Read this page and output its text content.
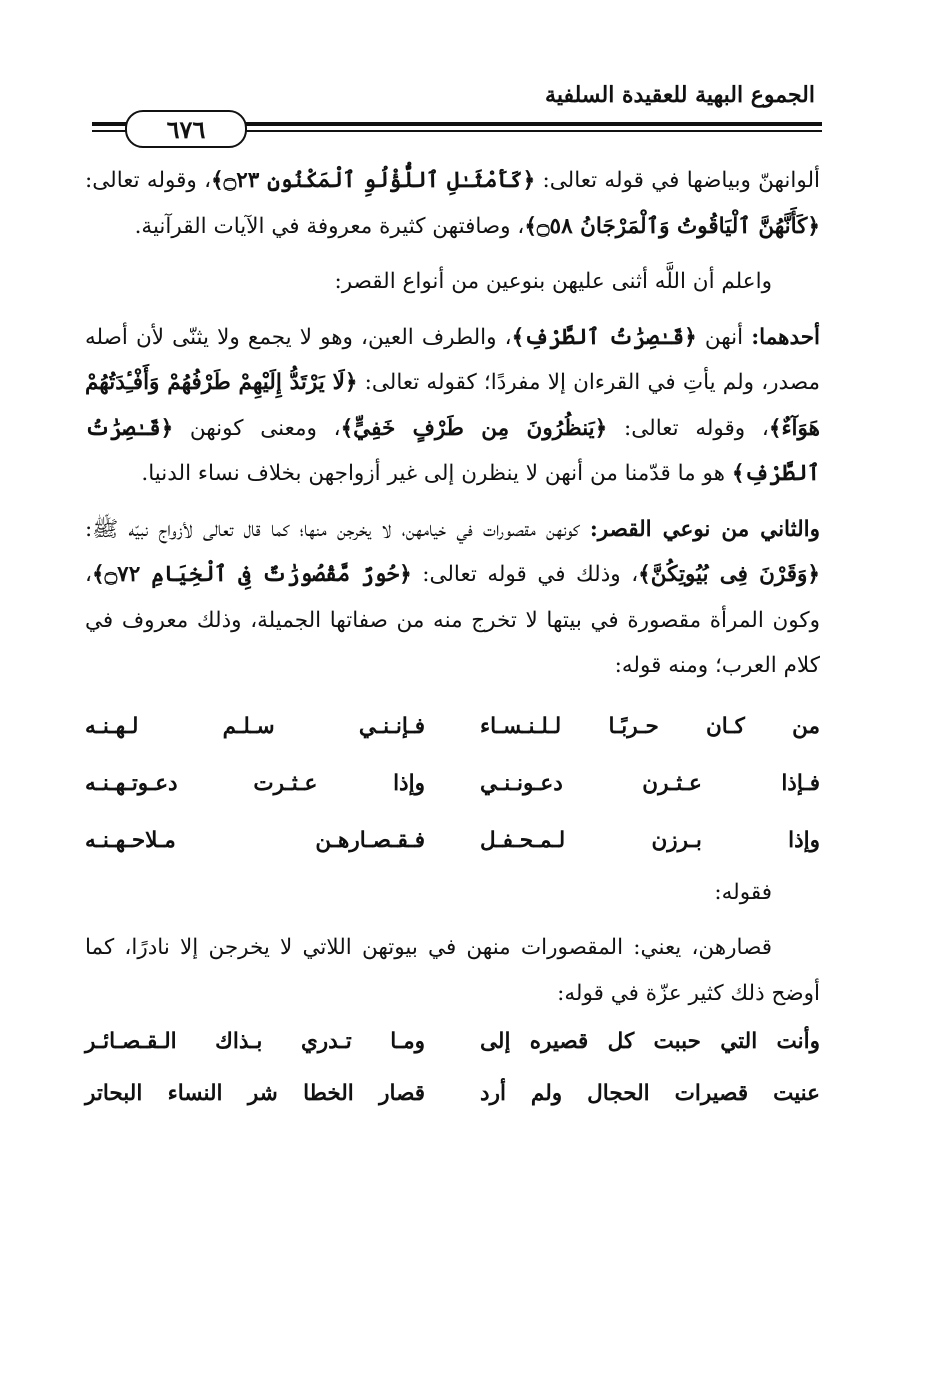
الجموع البهية للعقيدة السلفية
٦٧٦

ألوانهنّ وبياضها في قوله تعالى: ﴿كَأَمْثَـٰلِ ٱللُّؤْلُوِ ٱلْمَكْنُونِ ۝٢٣﴾، وقوله تعالى: ﴿كَأَنَّهُنَّ ٱلْيَاقُوتُ وَٱلْمَرْجَانُ ۝٥٨﴾، وصافتهن كثيرة معروفة في الآيات القرآنية.

واعلم أن اللَّه أثنى عليهن بنوعين من أنواع القصر:

أحدهما: أنهن ﴿قَـٰصِرَٰتُ ٱلطَّرْفِ﴾، والطرف العين، وهو لا يجمع ولا يثنّى لأن أصله مصدر، ولم يأتِ في القرءان إلا مفردًا؛ كقوله تعالى: ﴿لَا يَرْتَدُّ إِلَيْهِمْ طَرْفُهُمْ وَأَفْـِٔدَتُهُمْ هَوَآءٌ﴾، وقوله تعالى: ﴿يَنظُرُونَ مِن طَرْفٍ خَفِيٍّ﴾، ومعنى كونهن ﴿قَـٰصِرَٰتُ ٱلطَّرْفِ﴾ هو ما قدّمنا من أنهن لا ينظرن إلى غير أزواجهن بخلاف نساء الدنيا.

والثاني من نوعي القصر: كونهن مقصورات في خيامهن، لا يخرجن منها؛ كما قال تعالى لأزواج نبيّه ﷺ: ﴿وَقَرْنَ فِى بُيُوتِكُنَّ﴾، وذلك في قوله تعالى: ﴿حُورٌ مَّقْصُورَٰتٌ فِى ٱلْخِيَامِ ۝٧٢﴾، وكون المرأة مقصورة في بيتها لا تخرج منه من صفاتها الجميلة، وذلك معروف في كلام العرب؛ ومنه قوله:

من كـان حـربًـا لـلـنـسـاء
فـإنـنـي سـلـم لـهـنـه
فـإذا عـثـرن دعـونـنـي
وإذا عـثـرت دعـوتـهـنـه
وإذا بـرزن لـمـحـفـل
فـقـصـارهـن مـلاحـهـنـه

فقوله:

قصارهن، يعني: المقصورات منهن في بيوتهن اللاتي لا يخرجن إلا نادرًا، كما أوضح ذلك كثير عزّة في قوله:

وأنت التي حببت كل قصيره إلى
ومـا تـدري بـذاك الـقـصـائـر
عنيت قصيرات الحجال ولم أرد
قصار الخطا شر النساء البحاتر
